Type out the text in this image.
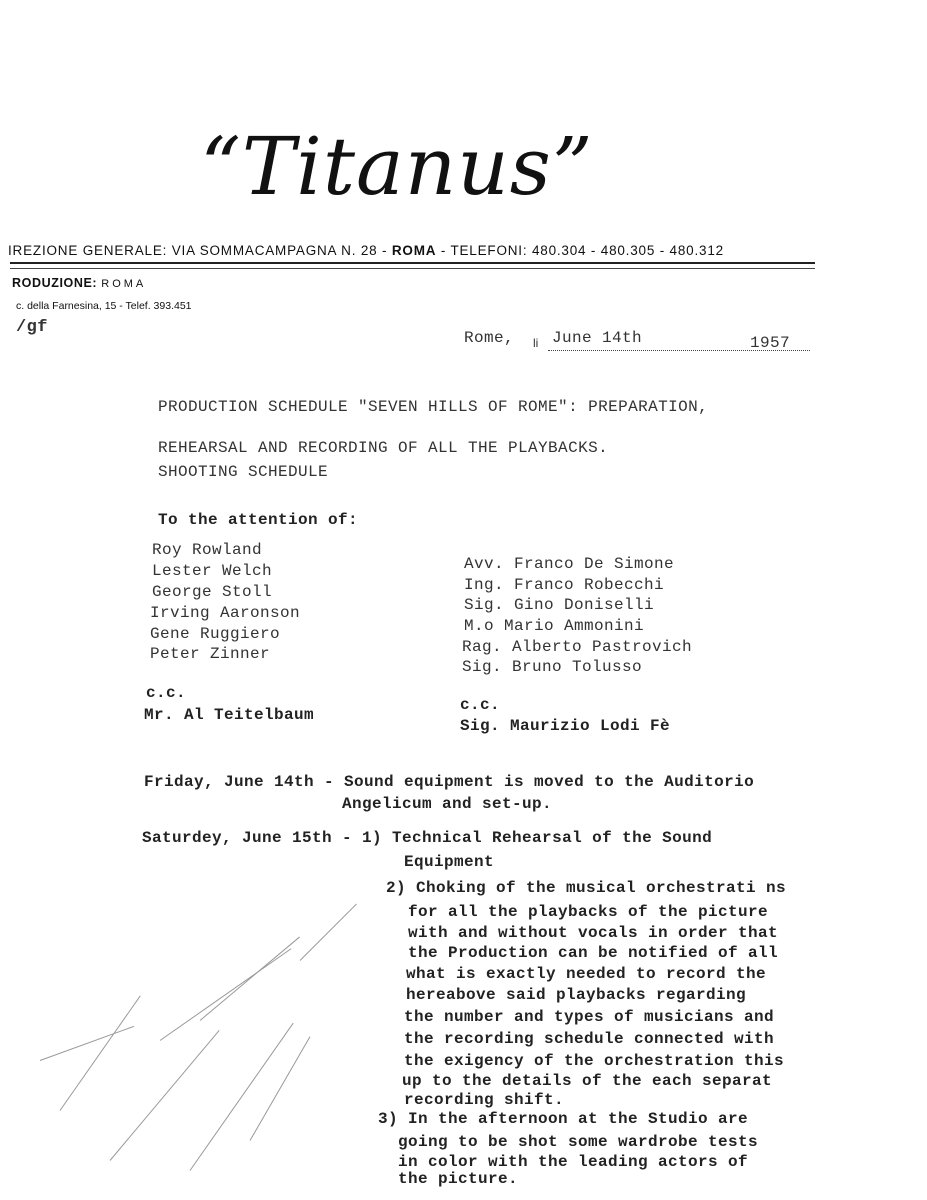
“Titanus”
IREZIONE GENERALE: VIA SOMMACAMPAGNA N. 28 - ROMA - TELEFONI: 480.304 - 480.305 - 480.312
RODUZIONE: ROMA
c. della Farnesina, 15 - Telef. 393.451
/gf
Rome, li June 14th	1957
PRODUCTION SCHEDULE "SEVEN HILLS OF ROME": PREPARATION,
REHEARSAL AND RECORDING OF ALL THE PLAYBACKS.
SHOOTING SCHEDULE
To the attention of:
Roy Rowland
Lester Welch
George Stoll
Irving Aaronson
Gene Ruggiero
Peter Zinner
Avv. Franco De Simone
Ing. Franco Robecchi
Sig. Gino Doniselli
M.o Mario Ammonini
Rag. Alberto Pastrovich
Sig. Bruno Tolusso
c.c.
Mr. Al Teitelbaum
c.c.
Sig. Maurizio Lodi Fè
Friday, June 14th - Sound equipment is moved to the Auditorio
Angelicum and set-up.
Saturdey, June 15th - 1) Technical Rehearsal of the Sound
Equipment
2) Choking of the musical orchestrati ns
for all the playbacks of the picture
with and without vocals in order that
the Production can be notified of all
what is exactly needed to record the
hereabove said playbacks regarding
the number and types of musicians and
the recording schedule connected with
the exigency of the orchestration this
up to the details of the each separat
recording shift.
3) In the afternoon at the Studio are
going to be shot some wardrobe tests
in color with the leading actors of
the picture.
